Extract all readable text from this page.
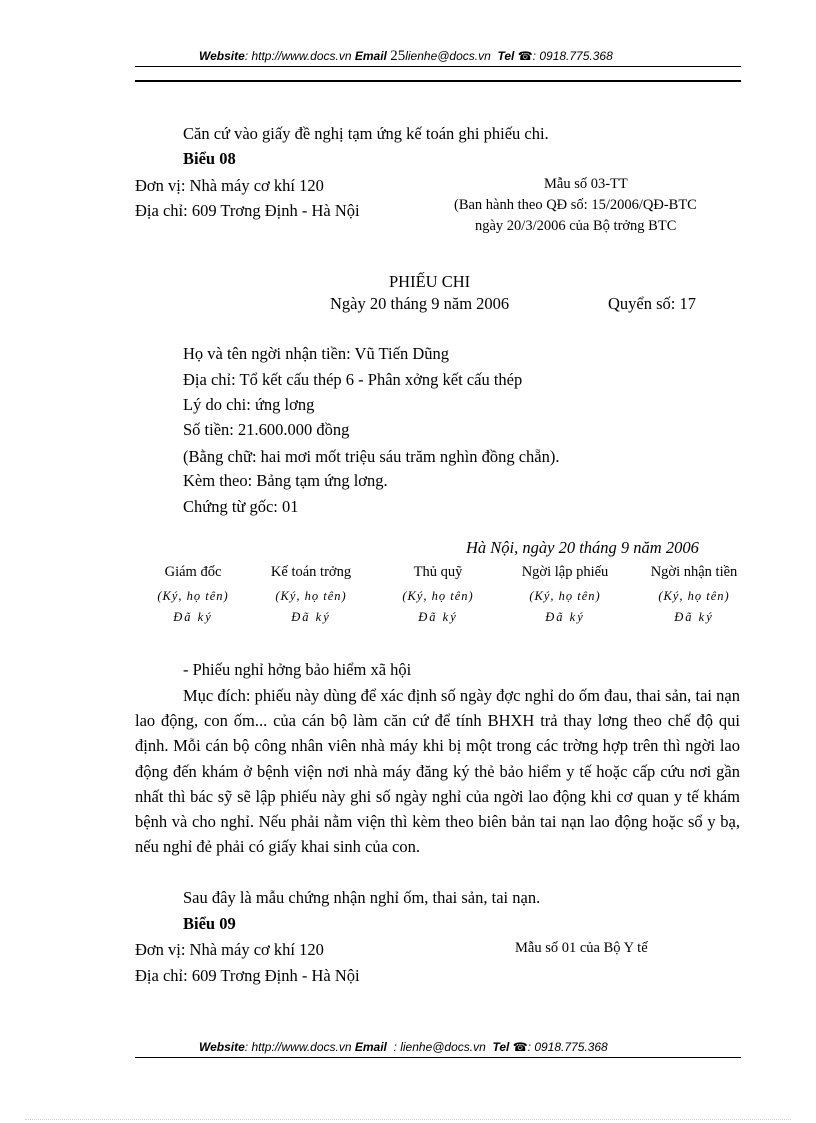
Website: http://www.docs.vn Email 25lienhe@docs.vn Tel ☎: 0918.775.368
Căn cứ vào giấy đề nghị tạm ứng kế toán ghi phiếu chi.
Biểu 08
Đơn vị: Nhà máy cơ khí 120
Địa chỉ: 609 Trơng Định - Hà Nội
Mẫu số 03-TT
(Ban hành theo QĐ số: 15/2006/QĐ-BTC
ngày 20/3/2006 của Bộ trởng BTC
PHIẾU CHI
Ngày 20 tháng 9 năm 2006	Quyển số: 17
Họ và tên ngời nhận tiền: Vũ Tiến Dũng
Địa chỉ: Tổ kết cấu thép 6 - Phân xởng kết cấu thép
Lý do chi: ứng lơng
Số tiền: 21.600.000 đồng
(Bằng chữ: hai mơi mốt triệu sáu trăm nghìn đồng chẵn).
Kèm theo: Bảng tạm ứng lơng.
Chứng từ gốc: 01
Hà Nội, ngày 20 tháng 9 năm 2006
Giám đốc
(Ký, họ tên)
Đã ký
Kế toán trởng
(Ký, họ tên)
Đã ký
Thủ quỹ
(Ký, họ tên)
Đã ký
Ngời lập phiếu
(Ký, họ tên)
Đã ký
Ngời nhận tiền
(Ký, họ tên)
Đã ký
- Phiếu nghỉ hởng bảo hiểm xã hội
Mục đích: phiếu này dùng để xác định số ngày đợc nghỉ do ốm đau, thai sản, tai nạn lao động, con ốm... của cán bộ làm căn cứ để tính BHXH trả thay lơng theo chế độ qui định. Mỗi cán bộ công nhân viên nhà máy khi bị một trong các trờng hợp trên thì ngời lao động đến khám ở bệnh viện nơi nhà máy đăng ký thẻ bảo hiểm y tế hoặc cấp cứu nơi gần nhất thì bác sỹ sẽ lập phiếu này ghi số ngày nghỉ của ngời lao động khi cơ quan y tế khám bệnh và cho nghỉ. Nếu phải nằm viện thì kèm theo biên bản tai nạn lao động hoặc sổ y bạ, nếu nghỉ đẻ phải có giấy khai sinh của con.
Sau đây là mẫu chứng nhận nghỉ ốm, thai sản, tai nạn.
Biểu 09
Đơn vị: Nhà máy cơ khí 120
Địa chỉ: 609 Trơng Định - Hà Nội
Mẫu số 01 của Bộ Y tế
Website: http://www.docs.vn Email : lienhe@docs.vn Tel ☎: 0918.775.368
